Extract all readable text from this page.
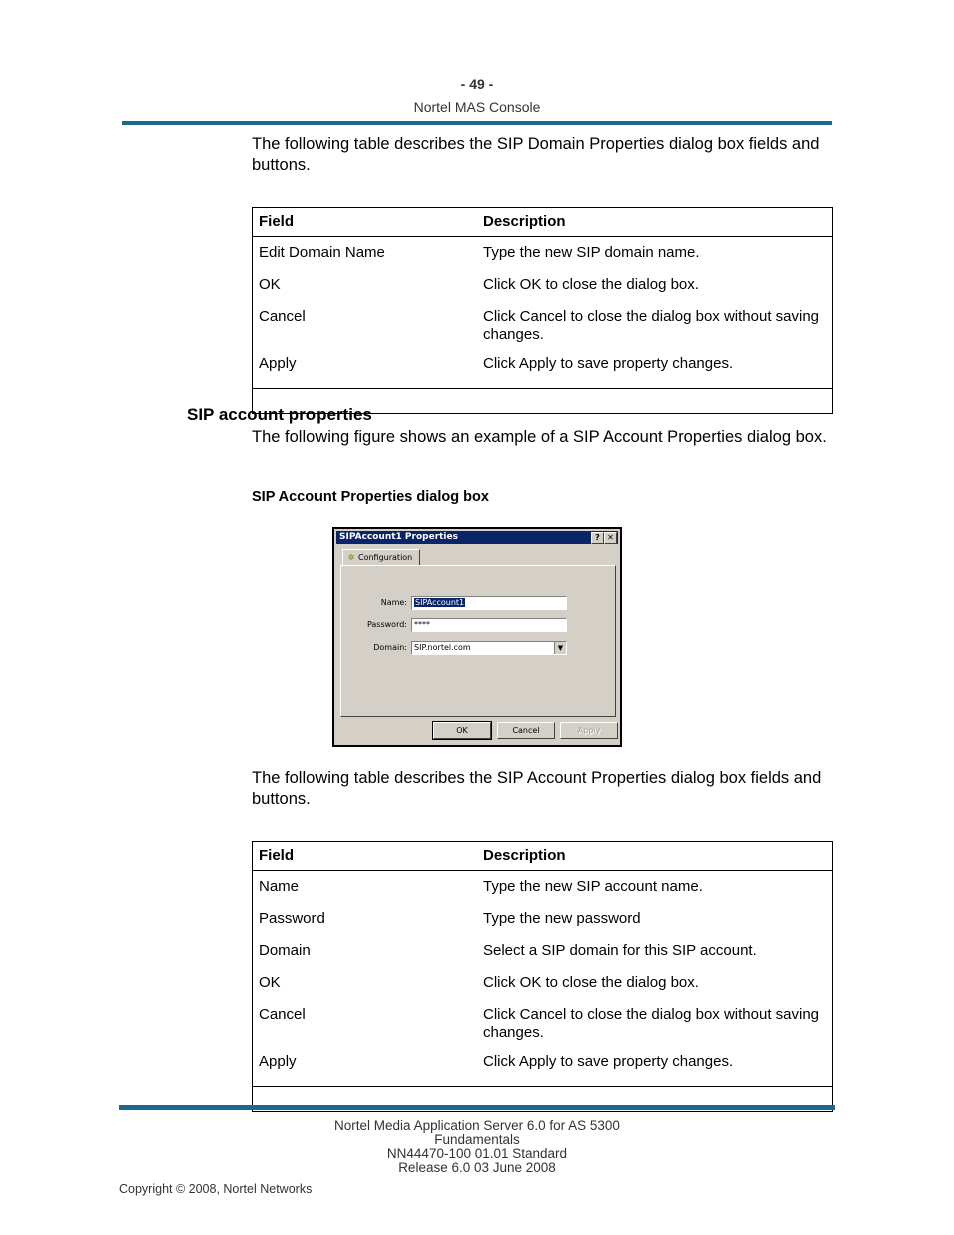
- 49 -
Nortel MAS Console
The following table describes the SIP Domain Properties dialog box fields and buttons.
Field	Description
Edit Domain Name	Type the new SIP domain name.
OK	Click OK to close the dialog box.
Cancel	Click Cancel to close the dialog box without saving changes.
Apply	Click Apply to save property changes.

SIP account properties
The following figure shows an example of a SIP Account Properties dialog box.
SIP Account Properties dialog box
SIPAccount1 Properties	? ✕
✲ Configuration
Name:	SIPAccount1
Password: ****
Domain: SIP.nortel.com	▼
OK	Cancel	Apply
The following table describes the SIP Account Properties dialog box fields and buttons.
Field	Description
Name	Type the new SIP account name.
Password	Type the new password
Domain	Select a SIP domain for this SIP account.
OK	Click OK to close the dialog box.
Cancel	Click Cancel to close the dialog box without saving changes.
Apply	Click Apply to save property changes.

Nortel Media Application Server 6.0 for AS 5300
Fundamentals
NN44470-100 01.01 Standard
Release 6.0 03 June 2008
Copyright © 2008, Nortel Networks
